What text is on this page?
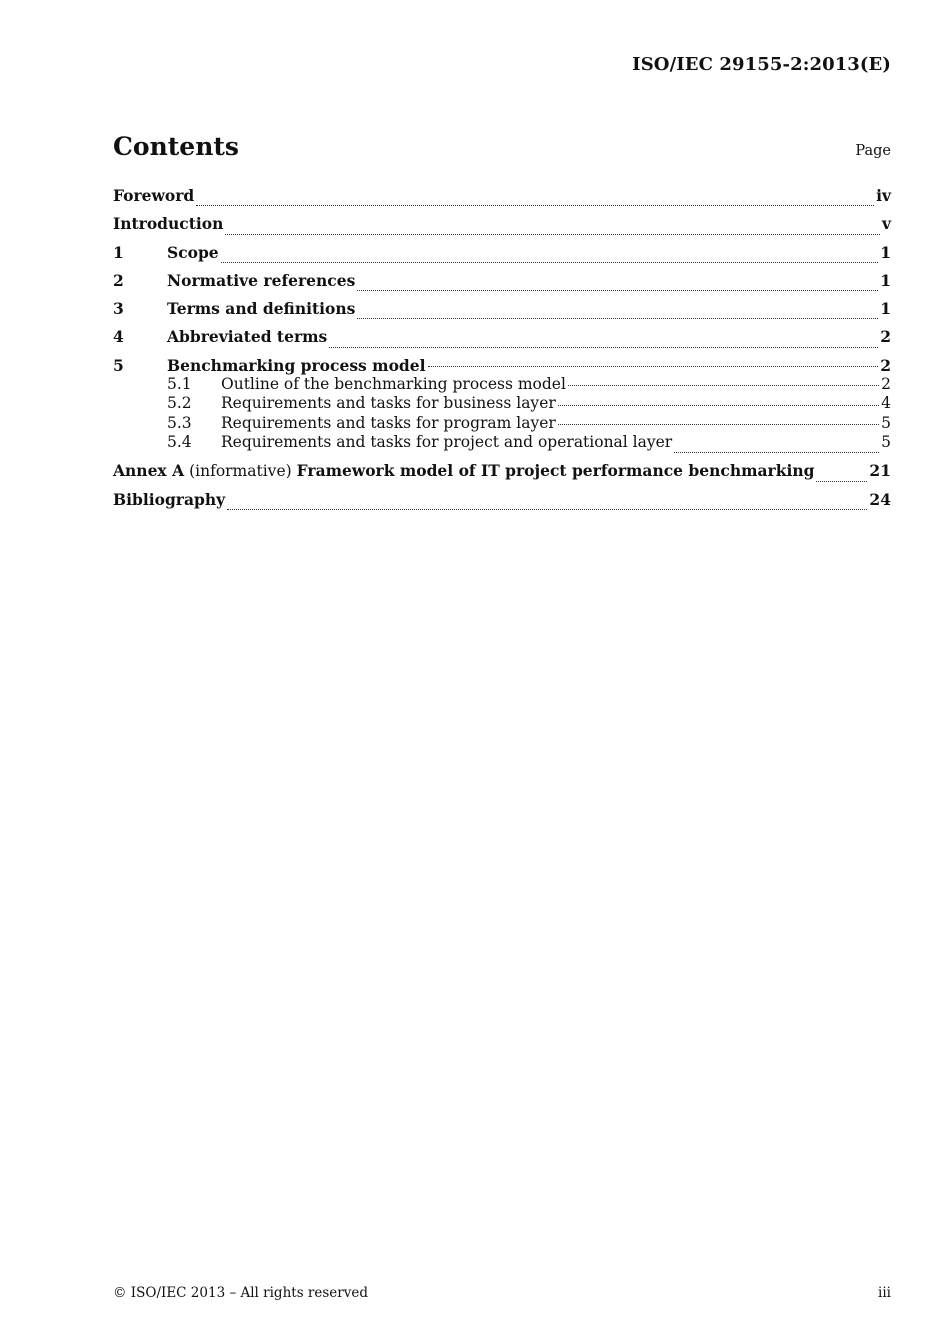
ISO/IEC 29155-2:2013(E)
Contents	Page
Foreword	iv
Introduction	v
1	Scope	1
2	Normative references	1
3	Terms and definitions	1
4	Abbreviated terms	2
5	Benchmarking process model	2
5.1	Outline of the benchmarking process model	2
5.2	Requirements and tasks for business layer	4
5.3	Requirements and tasks for program layer	5
5.4	Requirements and tasks for project and operational layer	5
Annex A (informative) Framework model of IT project performance benchmarking	21
Bibliography	24
© ISO/IEC 2013 – All rights reserved	iii
